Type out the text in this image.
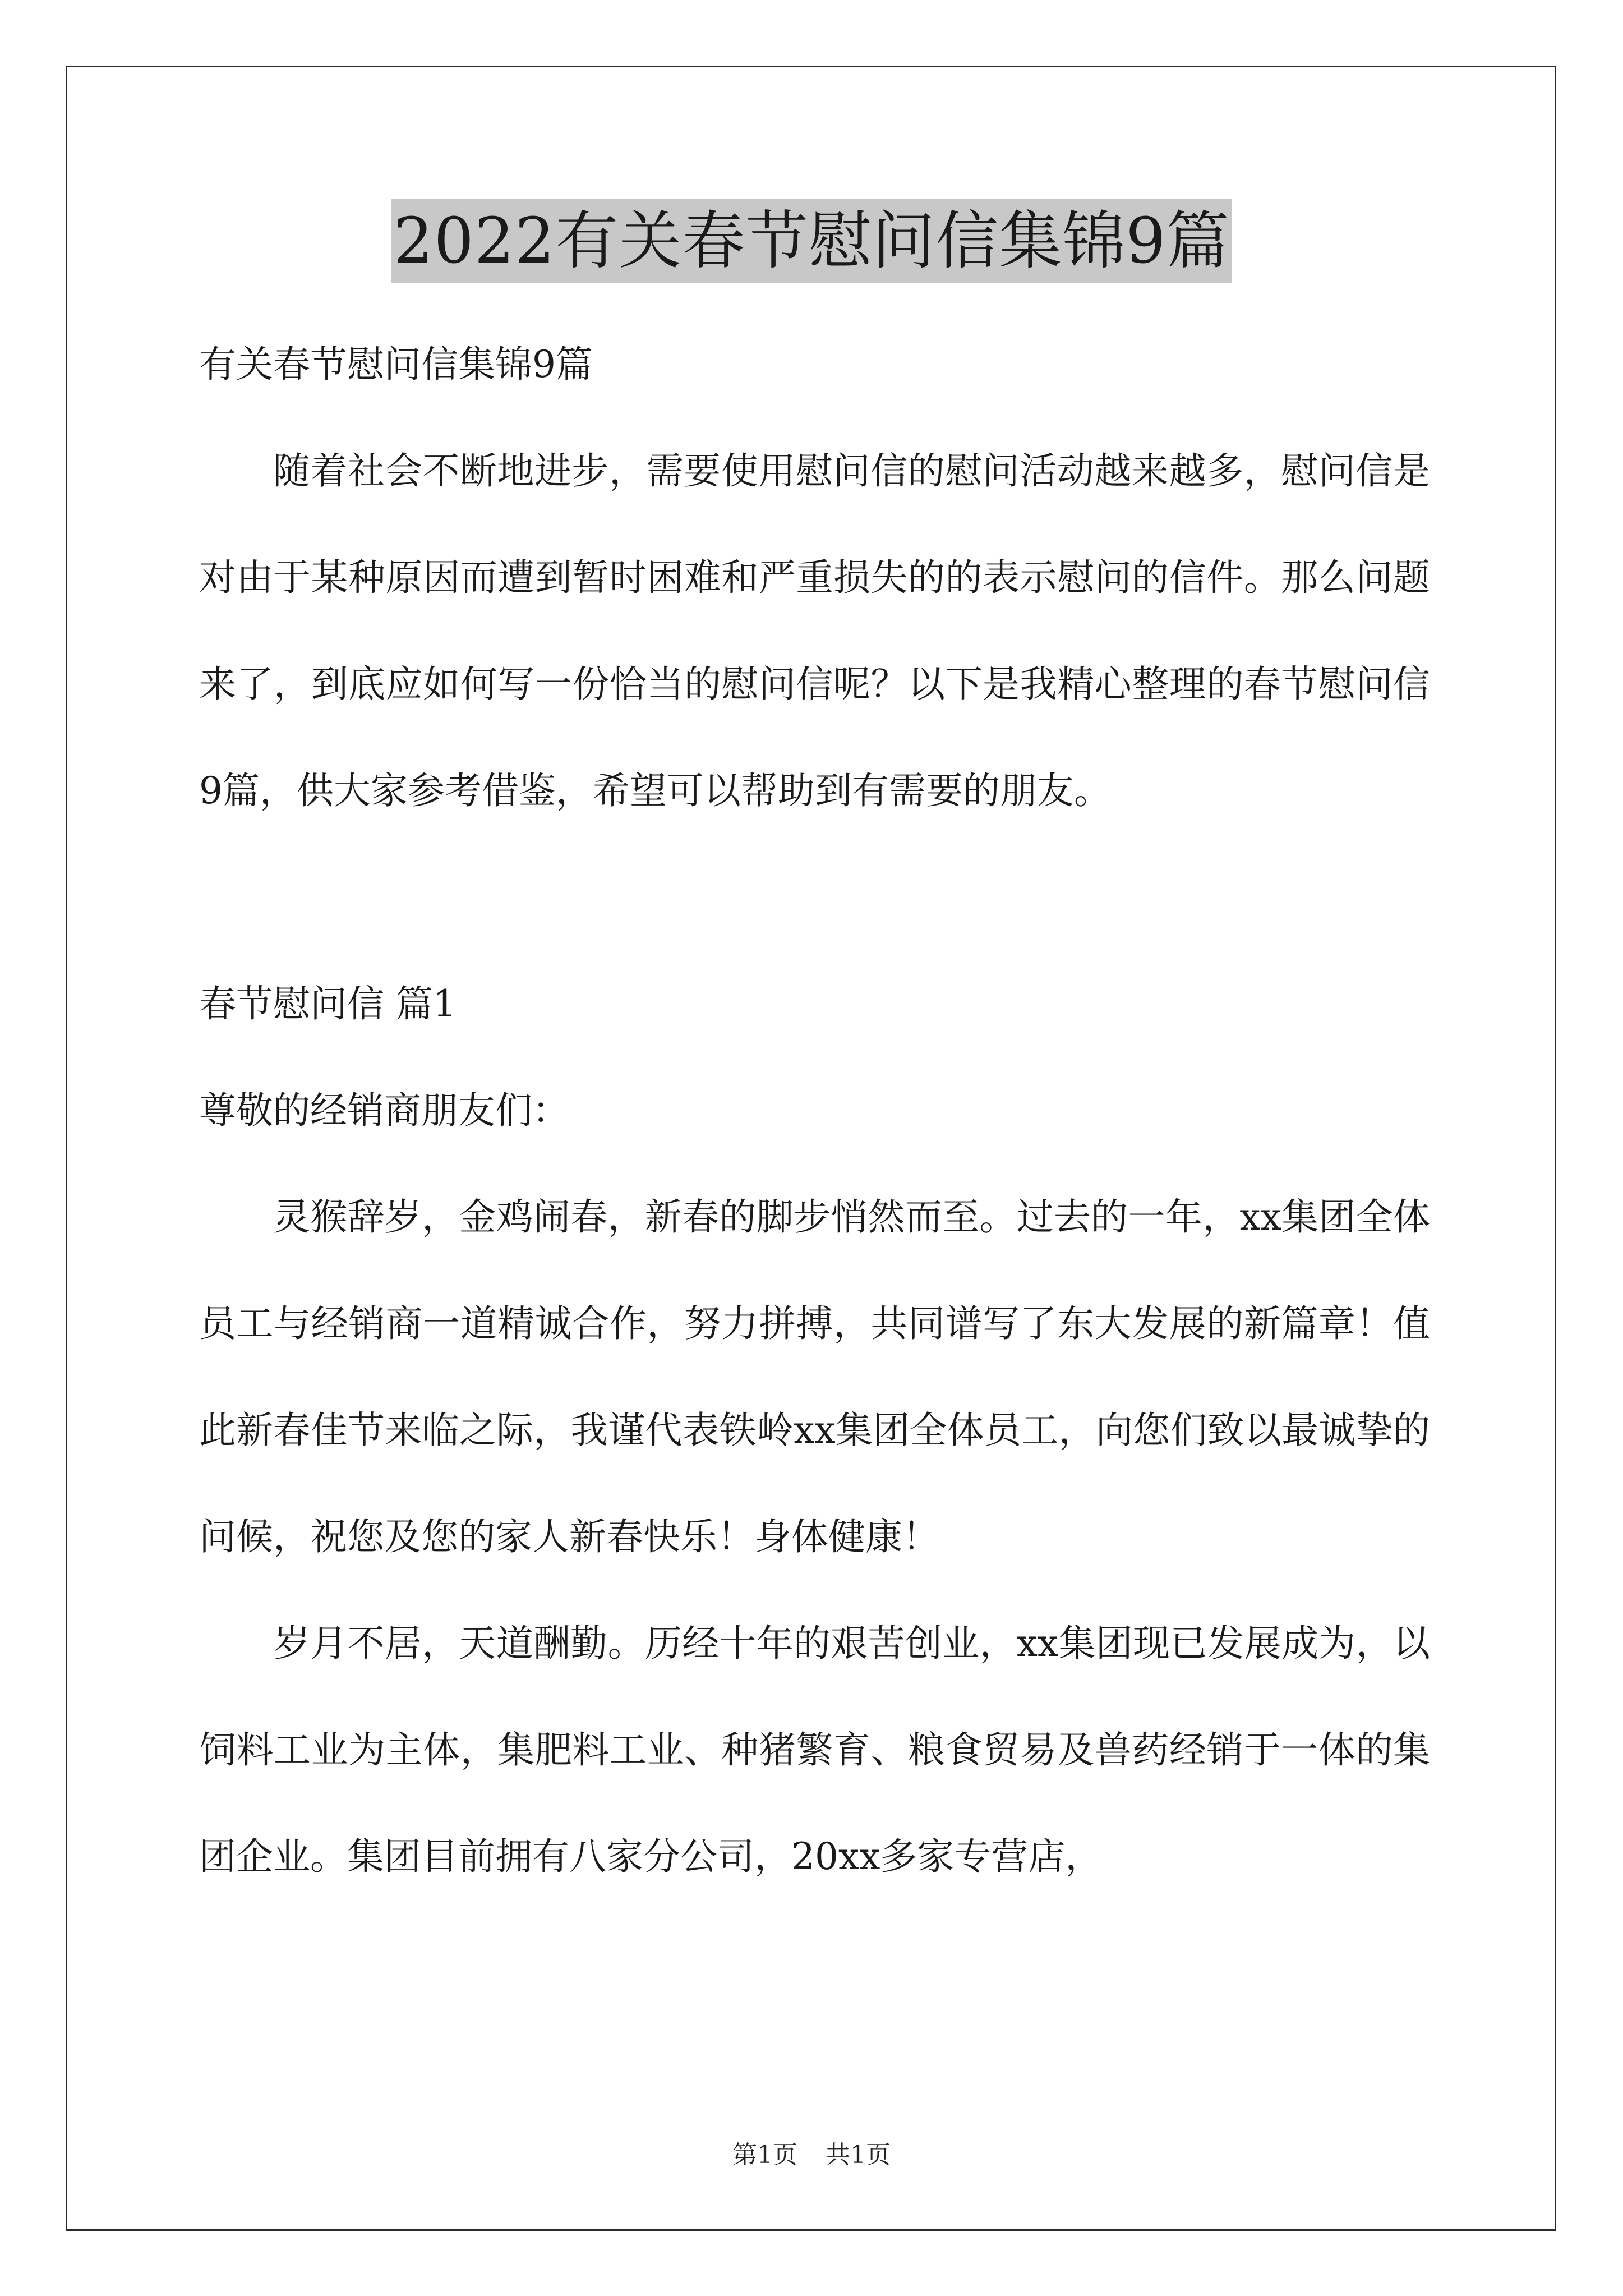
2022有关春节慰问信集锦9篇

有关春节慰问信集锦9篇

随着社会不断地进步，需要使用慰问信的慰问活动越来越多，慰问信是对由于某种原因而遭到暂时困难和严重损失的的表示慰问的信件。那么问题来了，到底应如何写一份恰当的慰问信呢？以下是我精心整理的春节慰问信9篇，供大家参考借鉴，希望可以帮助到有需要的朋友。

春节慰问信 篇1

尊敬的经销商朋友们：

灵猴辞岁，金鸡闹春，新春的脚步悄然而至。过去的一年，xx集团全体员工与经销商一道精诚合作，努力拼搏，共同谱写了东大发展的新篇章！值此新春佳节来临之际，我谨代表铁岭xx集团全体员工，向您们致以最诚挚的问候，祝您及您的家人新春快乐！身体健康！

岁月不居，天道酬勤。历经十年的艰苦创业，xx集团现已发展成为，以饲料工业为主体，集肥料工业、种猪繁育、粮食贸易及兽药经销于一体的集团企业。集团目前拥有八家分公司，20xx多家专营店，

第1页 共1页
